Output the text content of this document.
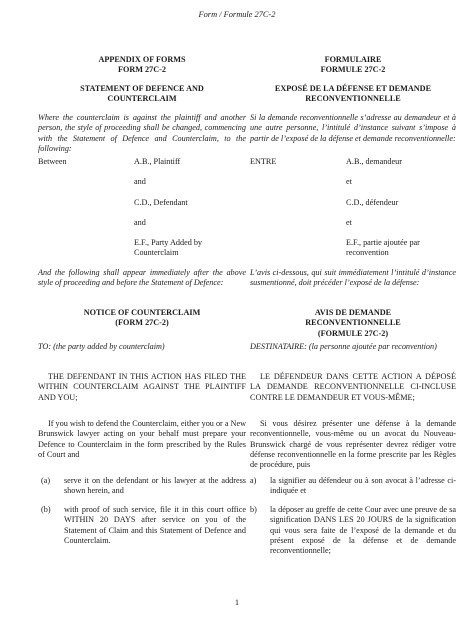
Form / Formule 27C-2
APPENDIX OF FORMS
FORM 27C-2
STATEMENT OF DEFENCE AND
COUNTERCLAIM
Where the counterclaim is against the plaintiff and another person, the style of proceeding shall be changed, commencing with the Statement of Defence and Counterclaim, to the following:
Between	A.B., Plaintiff
and
C.D., Defendant
and
E.F., Party Added by Counterclaim
And the following shall appear immediately after the above style of proceeding and before the Statement of Defence:
NOTICE OF COUNTERCLAIM
(FORM 27C-2)
TO: (the party added by counterclaim)
THE DEFENDANT IN THIS ACTION HAS FILED THE WITHIN COUNTERCLAIM AGAINST THE PLAINTIFF AND YOU;
If you wish to defend the Counterclaim, either you or a New Brunswick lawyer acting on your behalf must prepare your Defence to Counterclaim in the form prescribed by the Rules of Court and
(a) serve it on the defendant or his lawyer at the address shown herein, and
(b) with proof of such service, file it in this court office WITHIN 20 DAYS after service on you of the Statement of Claim and this Statement of Defence and Counterclaim.
FORMULAIRE
FORMULE 27C-2
EXPOSÉ DE LA DÉFENSE ET DEMANDE
RECONVENTIONNELLE
Si la demande reconventionnelle s’adresse au demandeur et à une autre personne, l’intitulé d’instance suivant s’impose à partir de l’exposé de la défense et demande reconventionnelle:
ENTRE	A.B., demandeur
et
C.D., défendeur
et
E.F., partie ajoutée par reconvention
L’avis ci-dessous, qui suit immédiatement l’intitulé d’instance susmentionné, doit précéder l’exposé de la défense:
AVIS DE DEMANDE
RECONVENTIONNELLE
(FORMULE 27C-2)
DESTINATAIRE: (la personne ajoutée par reconvention)
LE DÉFENDEUR DANS CETTE ACTION A DÉPOSÉ LA DEMANDE RECONVENTIONNELLE CI-INCLUSE CONTRE LE DEMANDEUR ET VOUS-MÊME;
Si vous désirez présenter une défense à la demande reconventionnelle, vous-même ou un avocat du Nouveau-Brunswick chargé de vous représenter devrez rédiger votre défense reconventionnelle en la forme prescrite par les Règles de procédure, puis
a) la signifier au défendeur ou à son avocat à l’adresse ci-indiquée et
b) la déposer au greffe de cette Cour avec une preuve de sa signification DANS LES 20 JOURS de la signification qui vous sera faite de l’exposé de la demande et du présent exposé de la défense et de demande reconventionnelle;
1
